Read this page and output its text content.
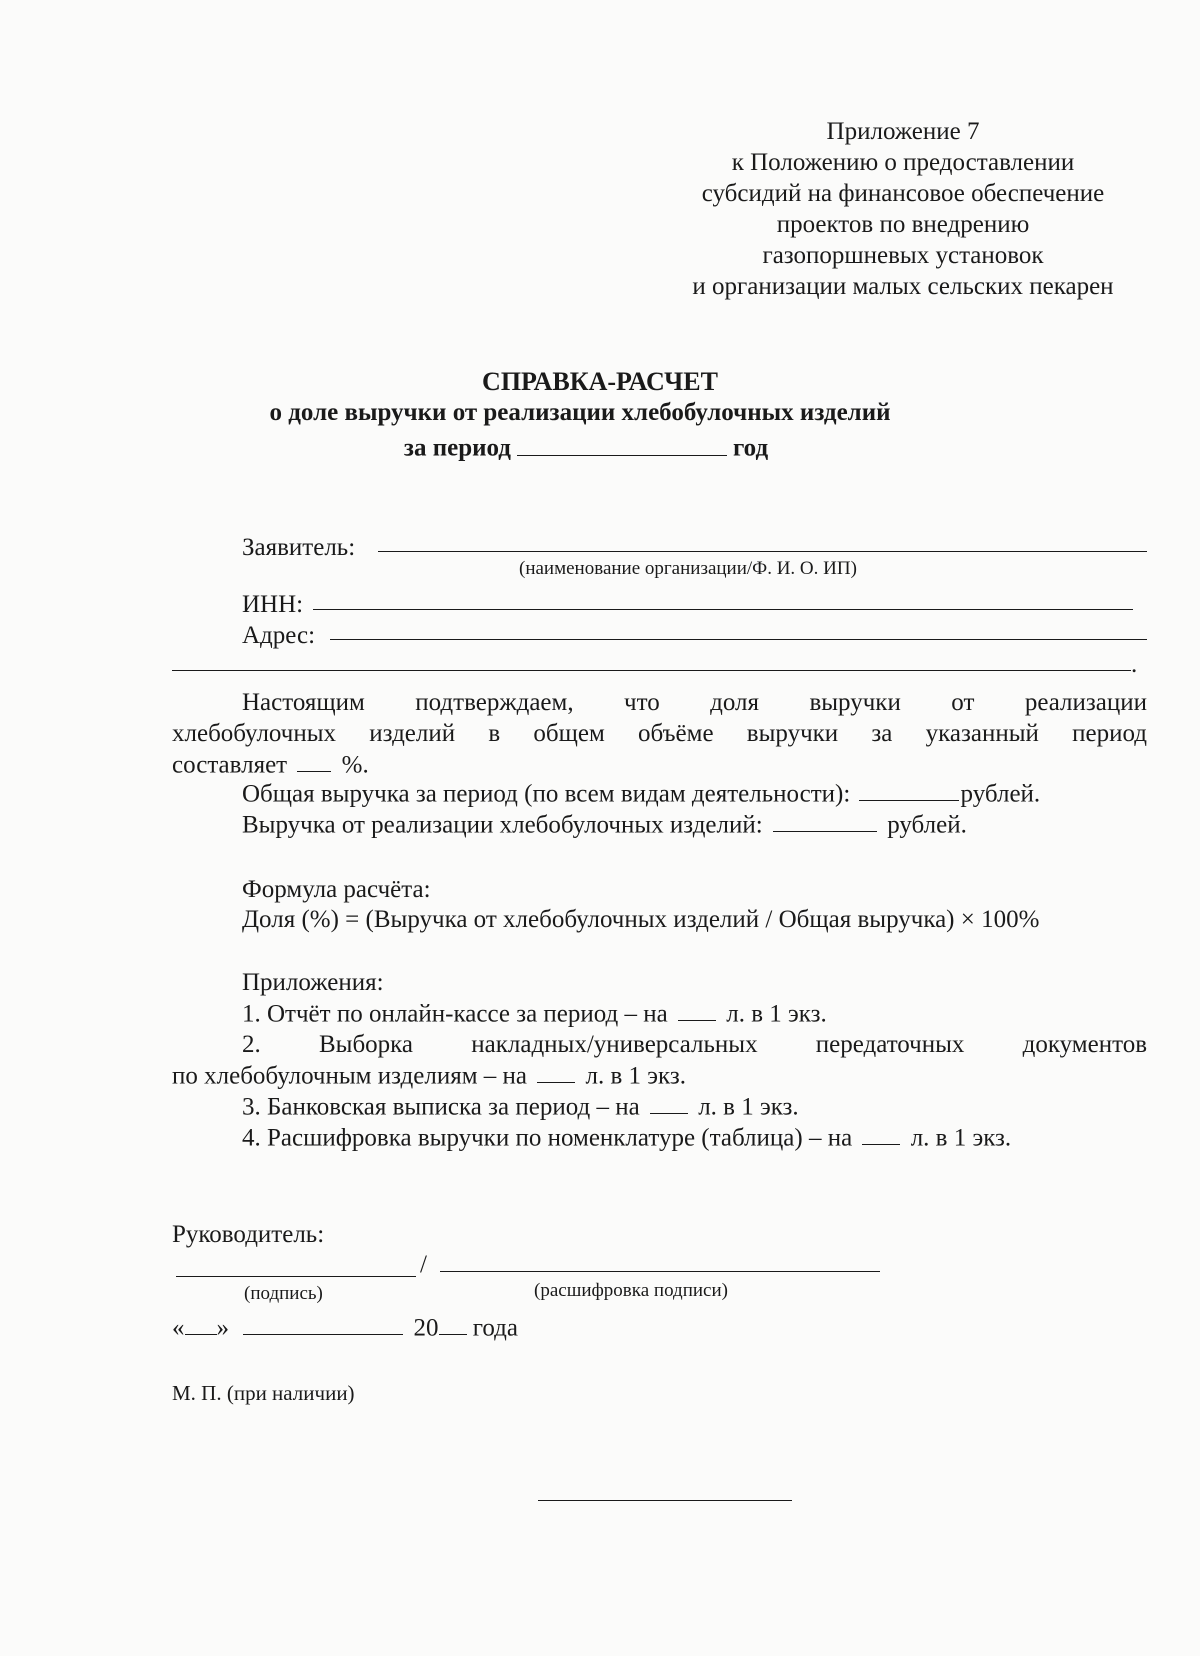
Приложение 7
к Положению о предоставлении
субсидий на финансовое обеспечение
проектов по внедрению
газопоршневых установок
и организации малых сельских пекарен
СПРАВКА-РАСЧЕТ
о доле выручки от реализации хлебобулочных изделий
за период	год
Заявитель:
(наименование организации/Ф. И. О. ИП)
ИНН:
Адрес:
.
Настоящим подтверждаем, что доля выручки от реализации
хлебобулочных изделий в общем объёме выручки за указанный период
составляет %.
Общая выручка за период (по всем видам деятельности):	рублей.
Выручка от реализации хлебобулочных изделий:	рублей.
Формула расчёта:
Доля (%) = (Выручка от хлебобулочных изделий / Общая выручка) × 100%
Приложения:
1. Отчёт по онлайн-кассе за период – на л. в 1 экз.
2. Выборка накладных/универсальных передаточных документов
по хлебобулочным изделиям – на л. в 1 экз.
3. Банковская выписка за период – на л. в 1 экз.
4. Расшифровка выручки по номенклатуре (таблица) – на л. в 1 экз.
Руководитель:
/
(подпись)	(расшифровка подписи)
« »	20 года
М. П. (при наличии)
